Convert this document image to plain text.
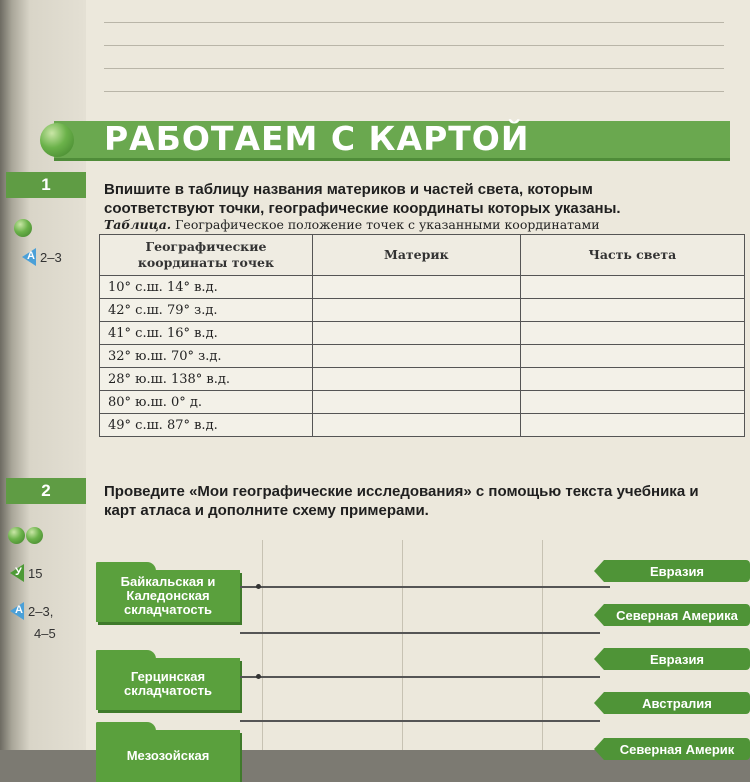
РАБОТАЕМ С КАРТОЙ
1
А 2–3
Впишите в таблицу названия материков и частей света, которым соответствуют точки, географические координаты которых указаны.
Таблица. Географическое положение точек с указанными координатами
Географические координаты точек	Материк	Часть света
10° с.ш. 14° в.д.		
42° с.ш. 79° з.д.		
41° с.ш. 16° в.д.		
32° ю.ш. 70° з.д.		
28° ю.ш. 138° в.д.		
80° ю.ш. 0° д.		
49° с.ш. 87° в.д.		
2
У 15
А 2–3,
4–5
Проведите «Мои географические исследования» с помощью текста учебника и карт атласа и дополните схему примерами.
Байкальская и Каледонская складчатость
Герцинская складчатость
Мезозойская
Евразия
Северная Америка
Евразия
Австралия
Северная Америк
